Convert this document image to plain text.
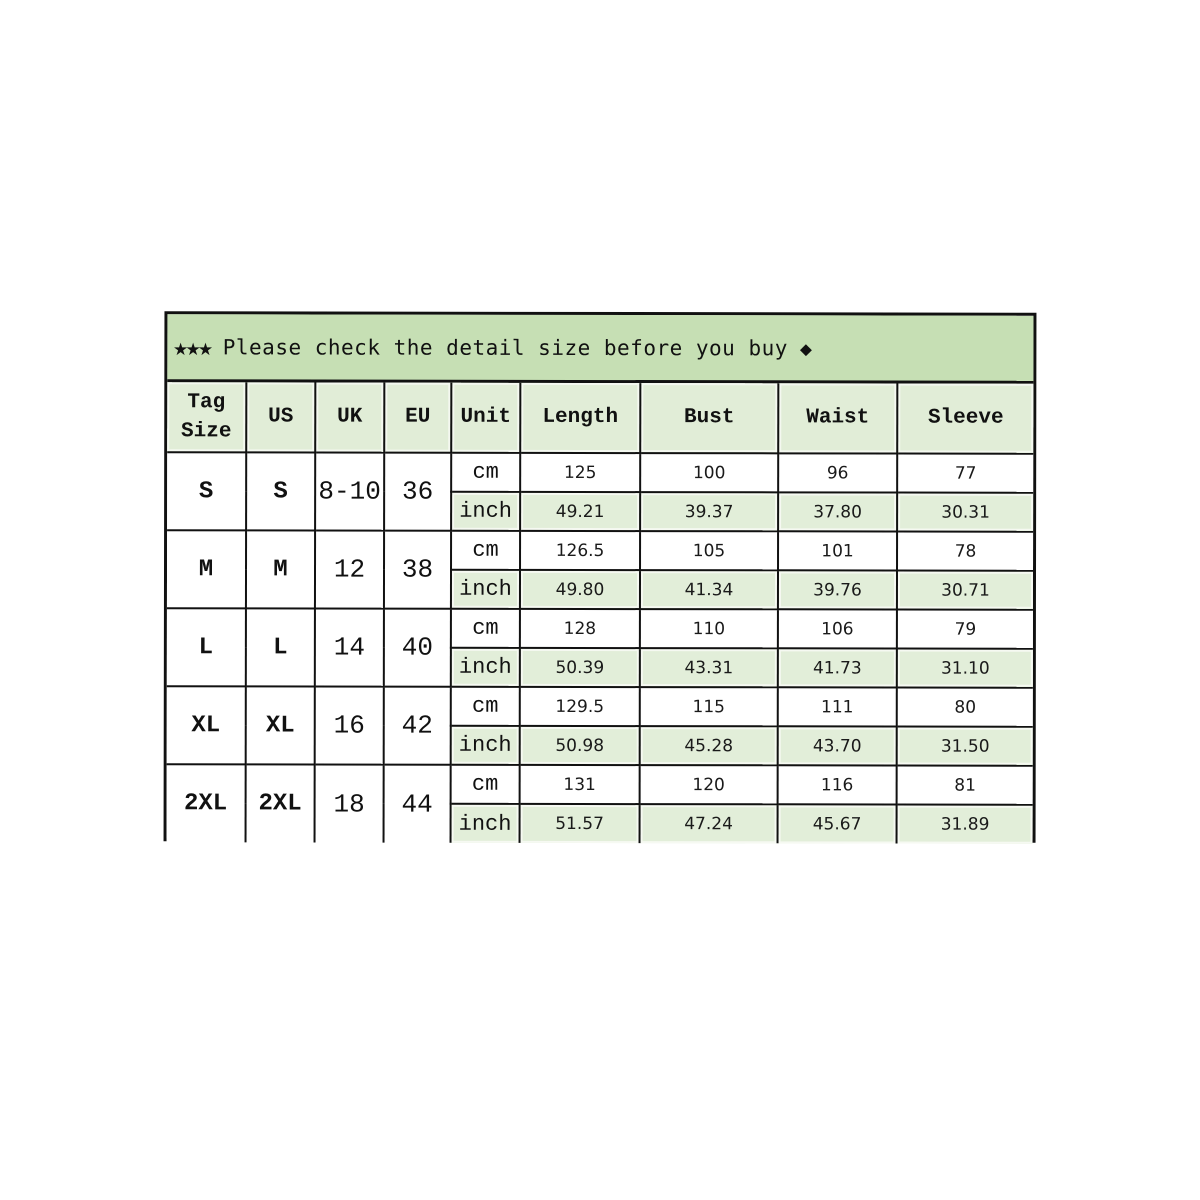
★★★ Please check the detail size before you buy ◆
Tag
Size	US	UK	EU	Unit	Length	Bust	Waist	Sleeve
S	S	8-10	36	cm	125	100	96	77
				inch	49.21	39.37	37.80	30.31
M	M	12	38	cm	126.5	105	101	78
				inch	49.80	41.34	39.76	30.71
L	L	14	40	cm	128	110	106	79
				inch	50.39	43.31	41.73	31.10
XL	XL	16	42	cm	129.5	115	111	80
				inch	50.98	45.28	43.70	31.50
2XL	2XL	18	44	cm	131	120	116	81
				inch	51.57	47.24	45.67	31.89
